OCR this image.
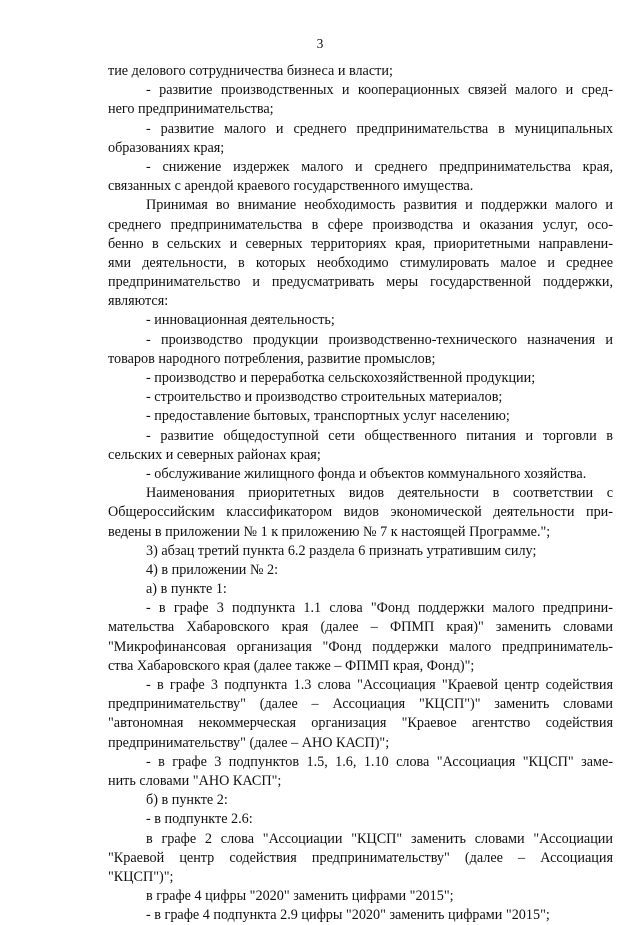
3
тие делового сотрудничества бизнеса и власти;
- развитие производственных и кооперационных связей малого и сред-
него предпринимательства;
- развитие малого и среднего предпринимательства в муниципальных
образованиях края;
- снижение издержек малого и среднего предпринимательства края,
связанных с арендой краевого государственного имущества.
Принимая во внимание необходимость развития и поддержки малого и
среднего предпринимательства в сфере производства и оказания услуг, осо-
бенно в сельских и северных территориях края, приоритетными направлени-
ями деятельности, в которых необходимо стимулировать малое и среднее
предпринимательство и предусматривать меры государственной поддержки,
являются:
- инновационная деятельность;
- производство продукции производственно-технического назначения и
товаров народного потребления, развитие промыслов;
- производство и переработка сельскохозяйственной продукции;
- строительство и производство строительных материалов;
- предоставление бытовых, транспортных услуг населению;
- развитие общедоступной сети общественного питания и торговли в
сельских и северных районах края;
- обслуживание жилищного фонда и объектов коммунального хозяйства.
Наименования приоритетных видов деятельности в соответствии с
Общероссийским классификатором видов экономической деятельности при-
ведены в приложении № 1 к приложению № 7 к настоящей Программе.";
3) абзац третий пункта 6.2 раздела 6 признать утратившим силу;
4) в приложении № 2:
а) в пункте 1:
- в графе 3 подпункта 1.1 слова "Фонд поддержки малого предприни-
мательства Хабаровского края (далее – ФПМП края)" заменить словами
"Микрофинансовая организация "Фонд поддержки малого предприниматель-
ства Хабаровского края (далее также – ФПМП края, Фонд)";
- в графе 3 подпункта 1.3 слова "Ассоциация "Краевой центр содействия
предпринимательству" (далее – Ассоциация "КЦСП")" заменить словами
"автономная некоммерческая организация "Краевое агентство содействия
предпринимательству" (далее – АНО КАСП)";
- в графе 3 подпунктов 1.5, 1.6, 1.10 слова "Ассоциация "КЦСП" заме-
нить словами "АНО КАСП";
б) в пункте 2:
- в подпункте 2.6:
в графе 2 слова "Ассоциации "КЦСП" заменить словами "Ассоциации
"Краевой центр содействия предпринимательству" (далее – Ассоциация
"КЦСП")";
в графе 4 цифры "2020" заменить цифрами "2015";
- в графе 4 подпункта 2.9 цифры "2020" заменить цифрами "2015";
